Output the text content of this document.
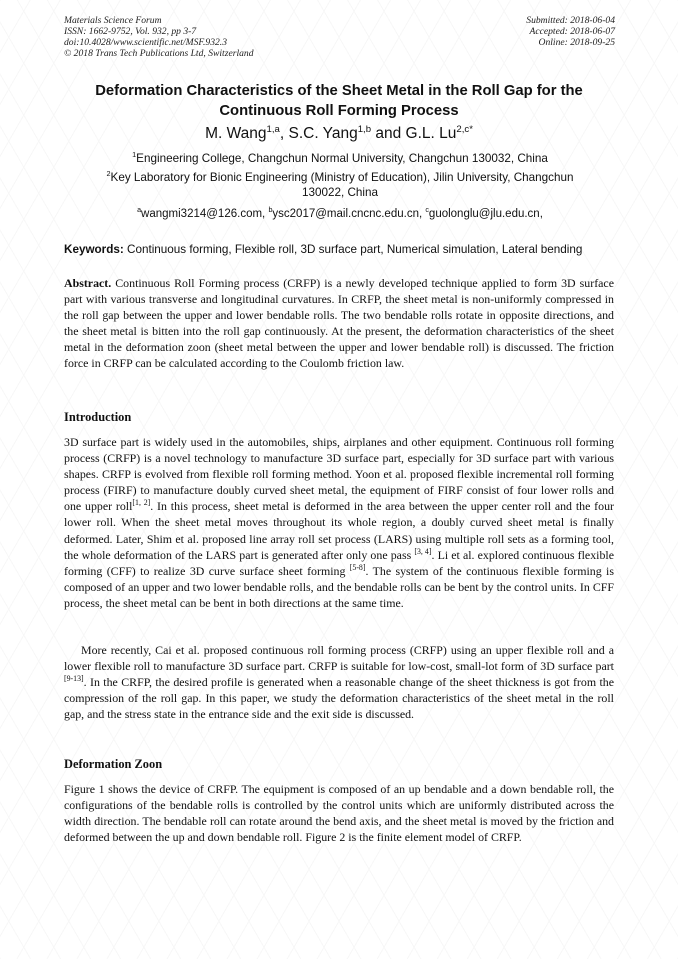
Materials Science Forum
ISSN: 1662-9752, Vol. 932, pp 3-7
doi:10.4028/www.scientific.net/MSF.932.3
© 2018 Trans Tech Publications Ltd, Switzerland
Submitted: 2018-06-04
Accepted: 2018-06-07
Online: 2018-09-25
Deformation Characteristics of the Sheet Metal in the Roll Gap for the Continuous Roll Forming Process
M. Wang$^{1,a}$, S.C. Yang$^{1,b}$ and G.L. $Lu^{2,c*}$
$^1$Engineering College, Changchun Normal University, Changchun 130032, China
$^2$Key Laboratory for Bionic Engineering (Ministry of Education), Jilin University, Changchun 130022, China
$^a$wangmi3214@126.com, $^b$ysc2017@mail.cncnc.edu.cn, $^c$guolonglu@jlu.edu.cn,
Keywords: Continuous forming, Flexible roll, 3D surface part, Numerical simulation, Lateral bending
Abstract. Continuous Roll Forming process (CRFP) is a newly developed technique applied to form 3D surface part with various transverse and longitudinal curvatures. In CRFP, the sheet metal is non-uniformly compressed in the roll gap between the upper and lower bendable rolls. The two bendable rolls rotate in opposite directions, and the sheet metal is bitten into the roll gap continuously. At the present, the deformation characteristics of the sheet metal in the deformation zoon (sheet metal between the upper and lower bendable roll) is discussed. The friction force in CRFP can be calculated according to the Coulomb friction law.
Introduction
3D surface part is widely used in the automobiles, ships, airplanes and other equipment. Continuous roll forming process (CRFP) is a novel technology to manufacture 3D surface part, especially for 3D surface part with various shapes. CRFP is evolved from flexible roll forming method. Yoon et al. proposed flexible incremental roll forming process (FIRF) to manufacture doubly curved sheet metal, the equipment of FIRF consist of four lower rolls and one upper roll[1, 2]. In this process, sheet metal is deformed in the area between the upper center roll and the four lower roll. When the sheet metal moves throughout its whole region, a doubly curved sheet metal is finally deformed. Later, Shim et al. proposed line array roll set process (LARS) using multiple roll sets as a forming tool, the whole deformation of the LARS part is generated after only one pass [3, 4]. Li et al. explored continuous flexible forming (CFF) to realize 3D curve surface sheet forming [5-8]. The system of the continuous flexible forming is composed of an upper and two lower bendable rolls, and the bendable rolls can be bent by the control units. In CFF process, the sheet metal can be bent in both directions at the same time.
More recently, Cai et al. proposed continuous roll forming process (CRFP) using an upper flexible roll and a lower flexible roll to manufacture 3D surface part. CRFP is suitable for low-cost, small-lot form of 3D surface part [9-13]. In the CRFP, the desired profile is generated when a reasonable change of the sheet thickness is got from the compression of the roll gap. In this paper, we study the deformation characteristics of the sheet metal in the roll gap, and the stress state in the entrance side and the exit side is discussed.
Deformation Zoon
Figure 1 shows the device of CRFP. The equipment is composed of an up bendable and a down bendable roll, the configurations of the bendable rolls is controlled by the control units which are uniformly distributed across the width direction. The bendable roll can rotate around the bend axis, and the sheet metal is moved by the friction and deformed between the up and down bendable roll. Figure 2 is the finite element model of CRFP.
